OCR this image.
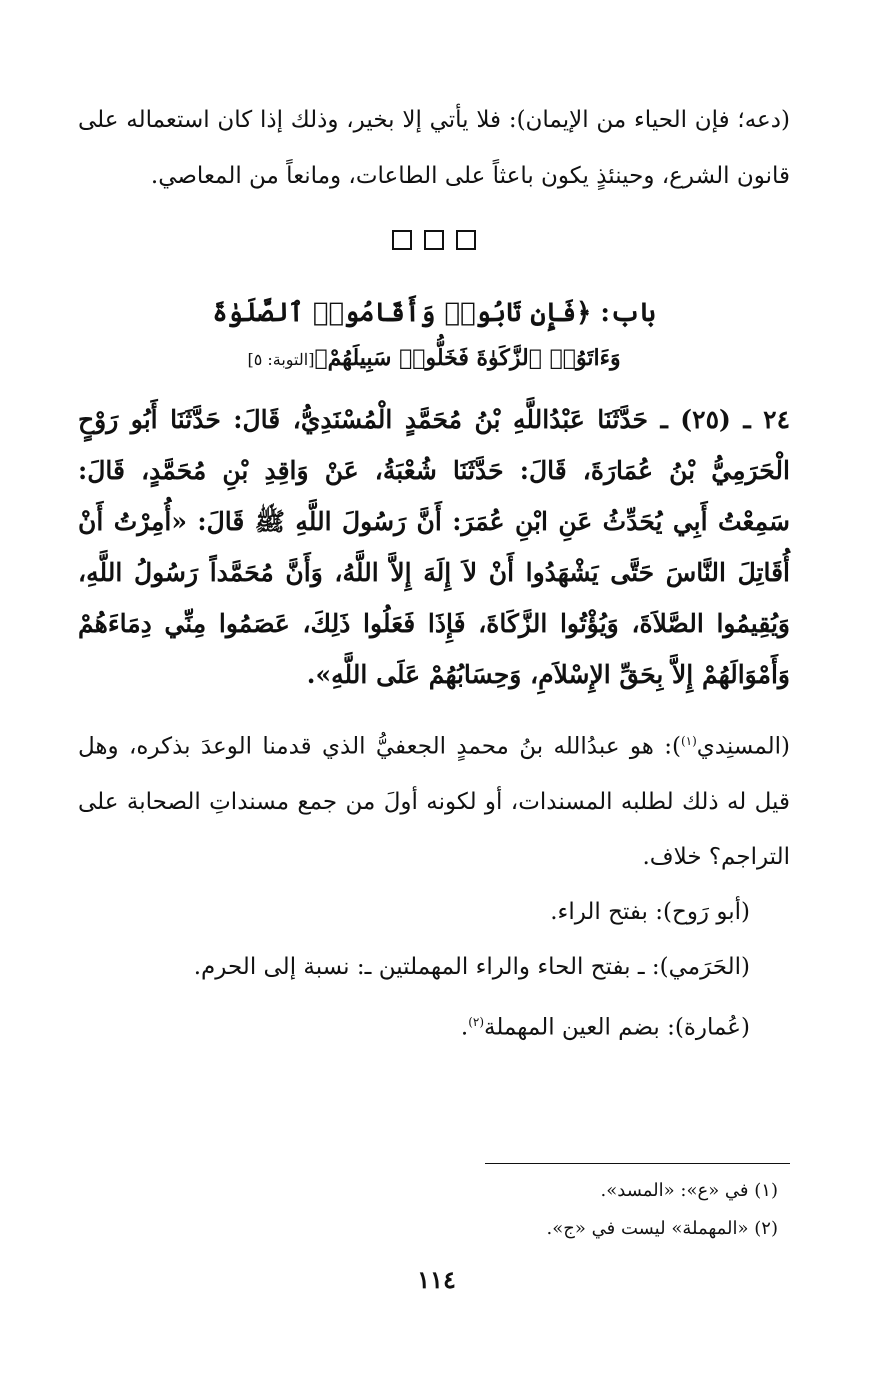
(دعه؛ فإن الحياء من الإيمان): فلا يأتي إلا بخير، وذلك إذا كان استعماله على قانون الشرع، وحينئذٍ يكون باعثاً على الطاعات، ومانعاً من المعاصي.

باب: ﴿فَإِن تَابُوا۟ وَأَقَامُوا۟ ٱلصَّلَوٰةَ
وَءَاتَوُا۟ ٱلزَّكَوٰةَ فَخَلُّوا۟ سَبِيلَهُمْ﴾[التوبة: ٥]

٢٤ ـ (٢٥) ـ حَدَّثَنَا عَبْدُاللَّهِ بْنُ مُحَمَّدٍ الْمُسْنَدِيُّ، قَالَ: حَدَّثَنَا أَبُو رَوْحٍ الْحَرَمِيُّ بْنُ عُمَارَةَ، قَالَ: حَدَّثَنَا شُعْبَةُ، عَنْ وَاقِدِ بْنِ مُحَمَّدٍ، قَالَ: سَمِعْتُ أَبِي يُحَدِّثُ عَنِ ابْنِ عُمَرَ: أَنَّ رَسُولَ اللَّهِ ﷺ قَالَ: «أُمِرْتُ أَنْ أُقَاتِلَ النَّاسَ حَتَّى يَشْهَدُوا أَنْ لاَ إِلَهَ إِلاَّ اللَّهُ، وَأَنَّ مُحَمَّداً رَسُولُ اللَّهِ، وَيُقِيمُوا الصَّلاَةَ، وَيُؤْتُوا الزَّكَاةَ، فَإِذَا فَعَلُوا ذَلِكَ، عَصَمُوا مِنِّي دِمَاءَهُمْ وَأَمْوَالَهُمْ إِلاَّ بِحَقِّ الإِسْلاَمِ، وَحِسَابُهُمْ عَلَى اللَّهِ».

(المسنِدي$^{(١)}$): هو عبدُالله بنُ محمدٍ الجعفيُّ الذي قدمنا الوعدَ بذكره، وهل قيل له ذلك لطلبه المسندات، أو لكونه أولَ من جمع مسنداتِ الصحابة على التراجم؟ خلاف.

(أبو رَوح): بفتح الراء.

(الحَرَمي): ـ بفتح الحاء والراء المهملتين ـ: نسبة إلى الحرم.

(عُمارة): بضم العين المهملة$^{(٢)}$.

(١) في «ع»: «المسد».
(٢) «المهملة» ليست في «ج».
١١٤
